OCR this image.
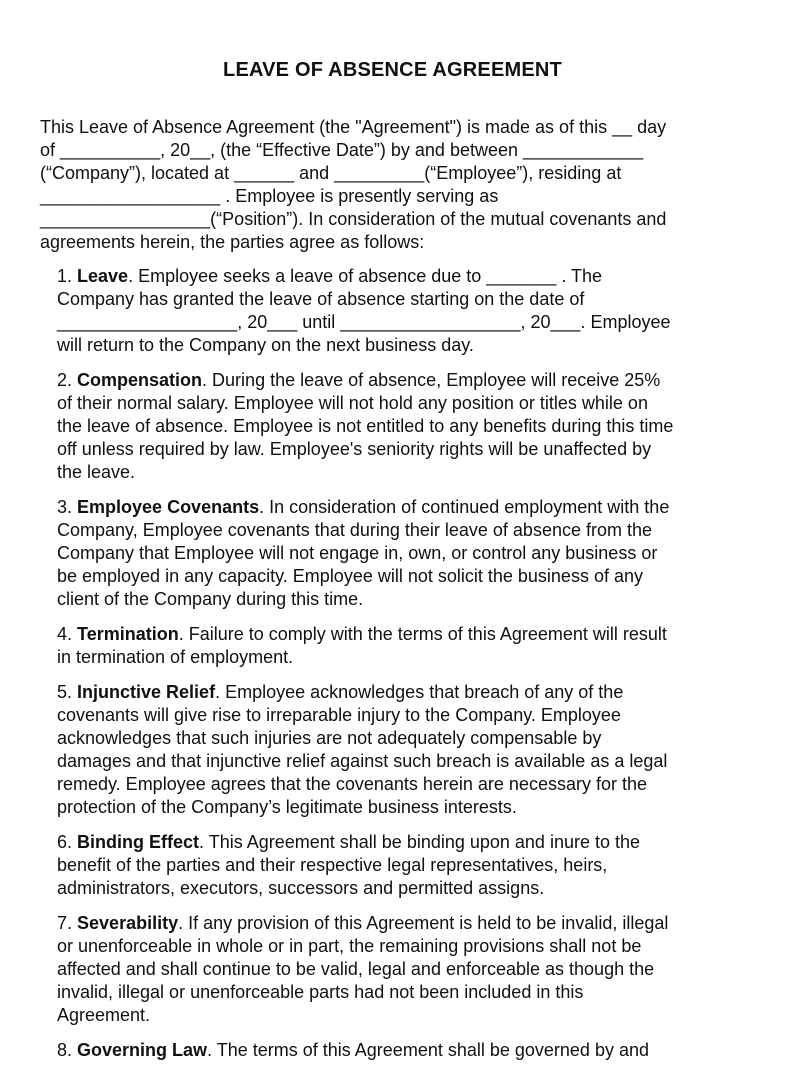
LEAVE OF ABSENCE AGREEMENT
This Leave of Absence Agreement (the "Agreement") is made as of this __ day
of __________, 20__, (the “Effective Date”) by and between ____________
(“Company”), located at ______ and _________(“Employee”), residing at
__________________ . Employee is presently serving as
_________________(“Position”). In consideration of the mutual covenants and
agreements herein, the parties agree as follows:
1. Leave. Employee seeks a leave of absence due to _______ . The
Company has granted the leave of absence starting on the date of
__________________, 20___ until __________________, 20___. Employee
will return to the Company on the next business day.
2. Compensation. During the leave of absence, Employee will receive 25%
of their normal salary. Employee will not hold any position or titles while on
the leave of absence. Employee is not entitled to any benefits during this time
off unless required by law. Employee's seniority rights will be unaffected by
the leave.
3. Employee Covenants. In consideration of continued employment with the
Company, Employee covenants that during their leave of absence from the
Company that Employee will not engage in, own, or control any business or
be employed in any capacity. Employee will not solicit the business of any
client of the Company during this time.
4. Termination. Failure to comply with the terms of this Agreement will result
in termination of employment.
5. Injunctive Relief. Employee acknowledges that breach of any of the
covenants will give rise to irreparable injury to the Company. Employee
acknowledges that such injuries are not adequately compensable by
damages and that injunctive relief against such breach is available as a legal
remedy. Employee agrees that the covenants herein are necessary for the
protection of the Company’s legitimate business interests.
6. Binding Effect. This Agreement shall be binding upon and inure to the
benefit of the parties and their respective legal representatives, heirs,
administrators, executors, successors and permitted assigns.
7. Severability. If any provision of this Agreement is held to be invalid, illegal
or unenforceable in whole or in part, the remaining provisions shall not be
affected and shall continue to be valid, legal and enforceable as though the
invalid, illegal or unenforceable parts had not been included in this
Agreement.
8. Governing Law. The terms of this Agreement shall be governed by and
